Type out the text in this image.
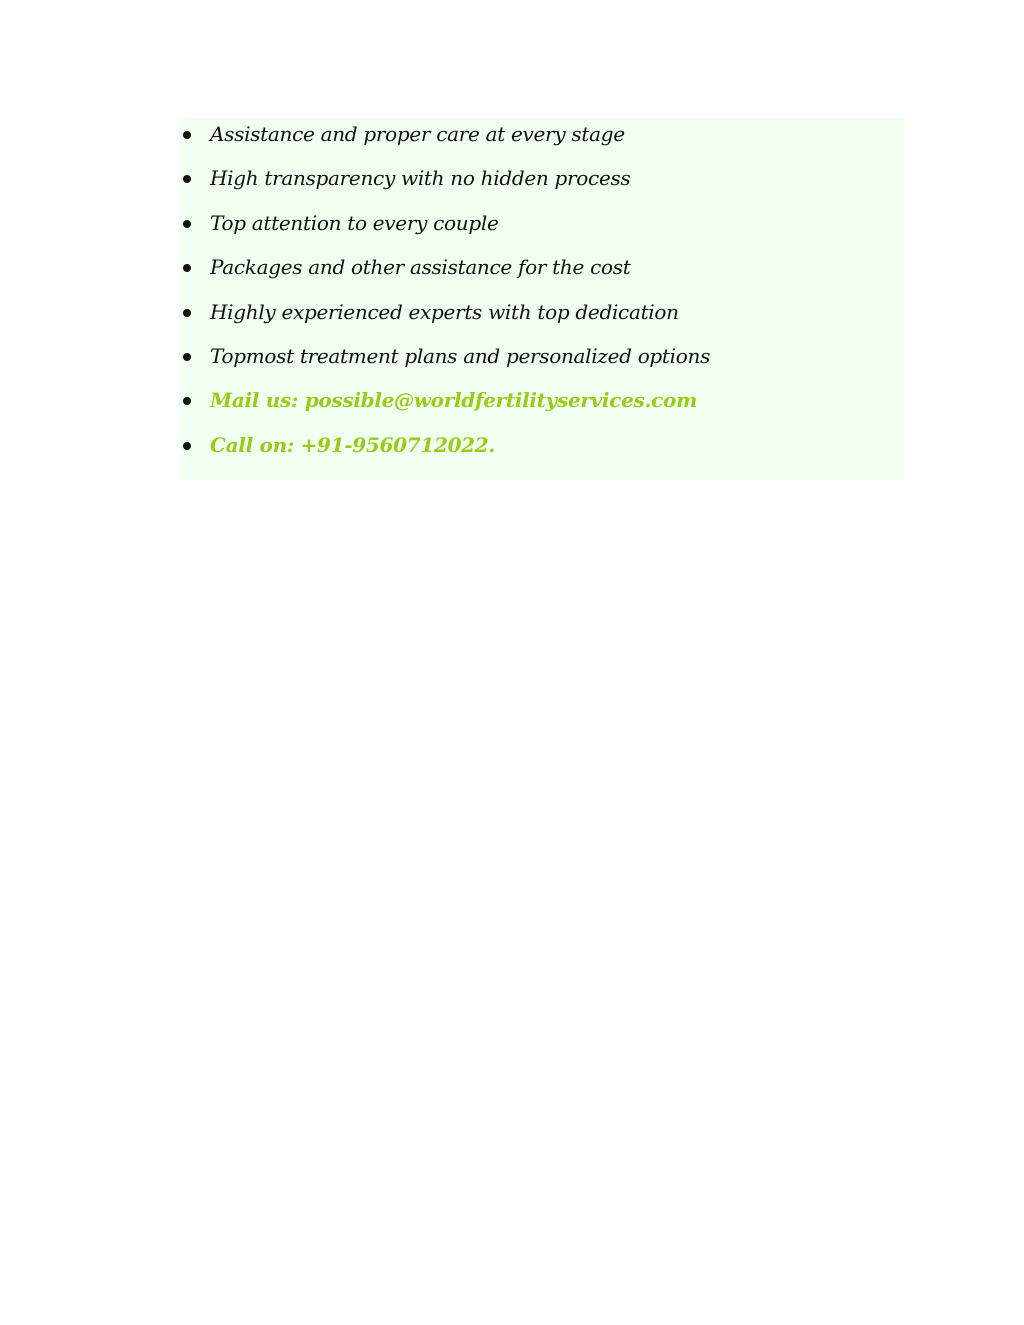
Assistance and proper care at every stage
High transparency with no hidden process
Top attention to every couple
Packages and other assistance for the cost
Highly experienced experts with top dedication
Topmost treatment plans and personalized options
Mail us: possible@worldfertilityservices.com
Call on: +91-9560712022.
